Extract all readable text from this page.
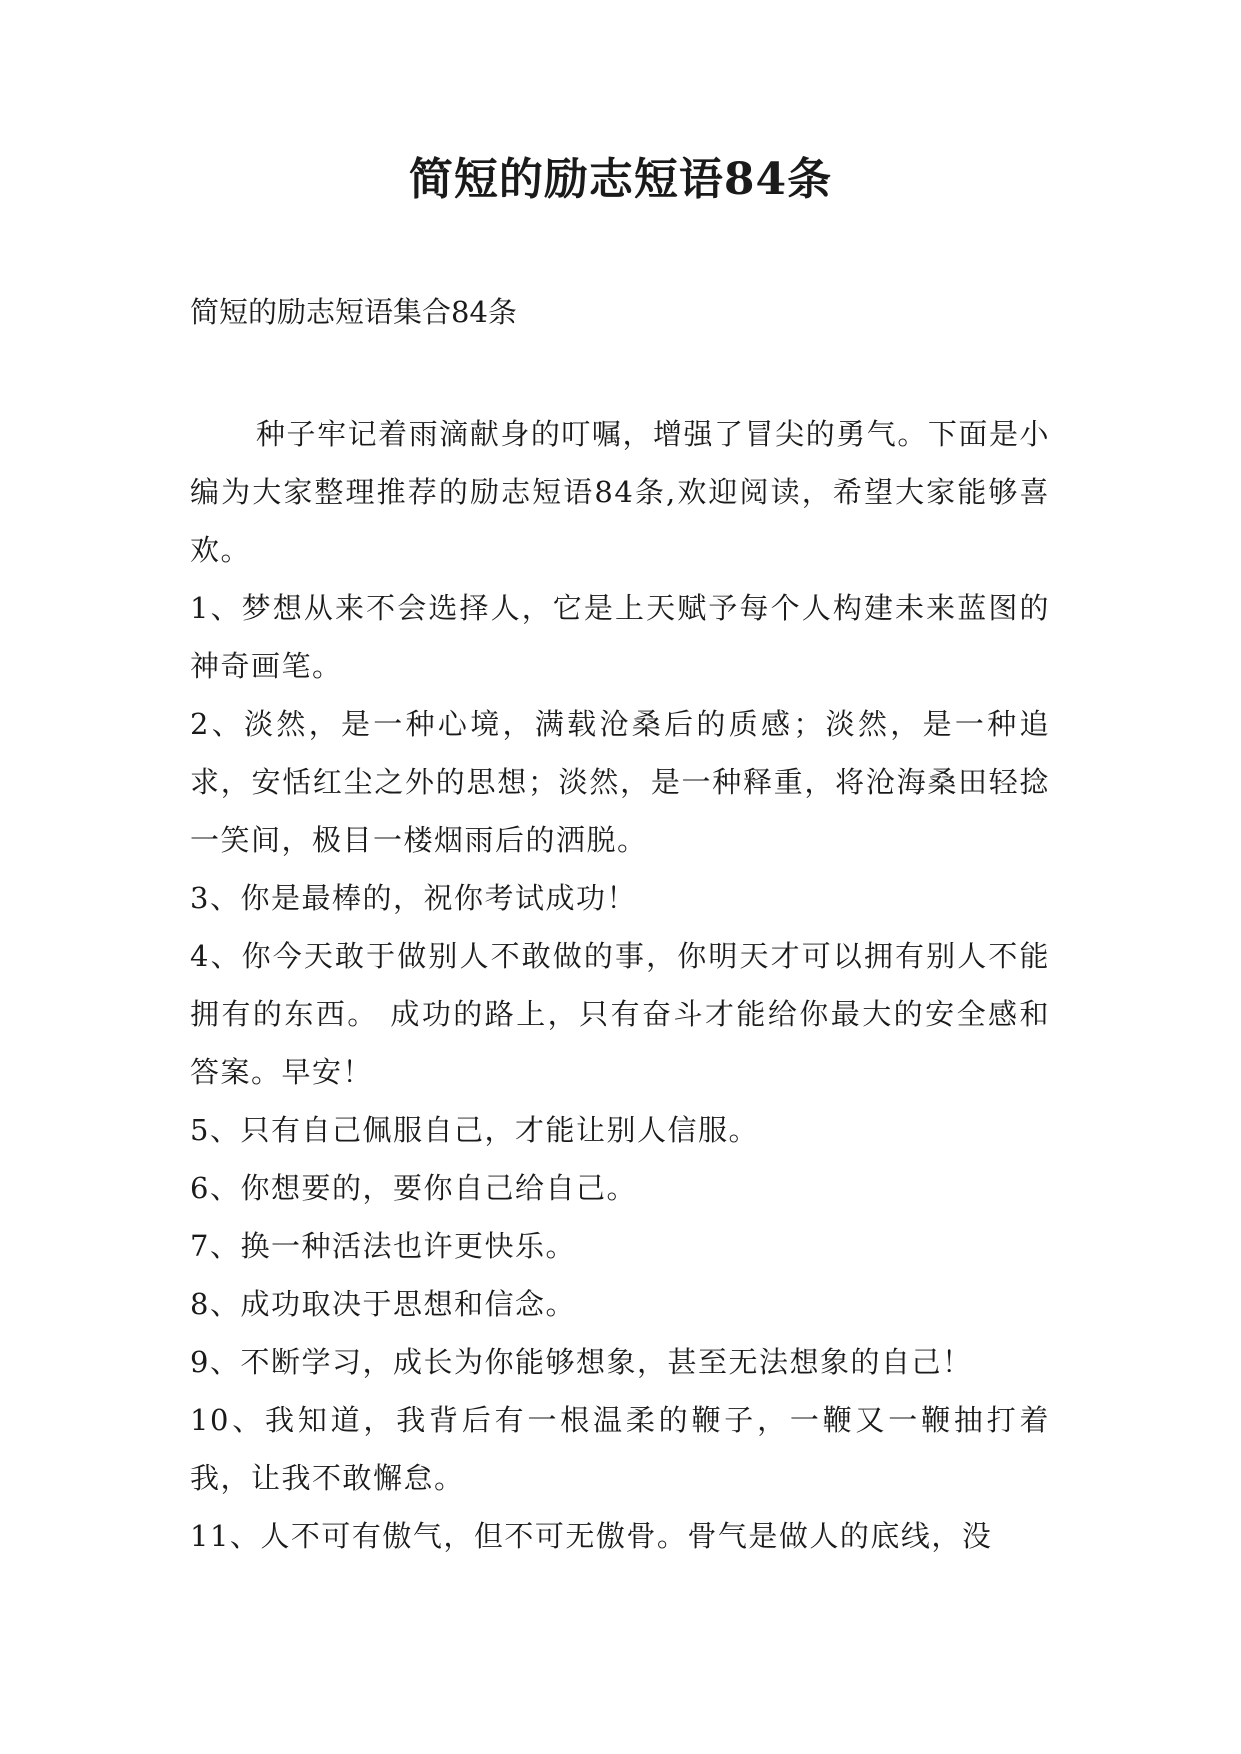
简短的励志短语84条

简短的励志短语集合84条

种子牢记着雨滴献身的叮嘱，增强了冒尖的勇气。下面是小编为大家整理推荐的励志短语84条,欢迎阅读，希望大家能够喜欢。

1、梦想从来不会选择人，它是上天赋予每个人构建未来蓝图的神奇画笔。

2、淡然，是一种心境，满载沧桑后的质感；淡然，是一种追求，安恬红尘之外的思想；淡然，是一种释重，将沧海桑田轻捻一笑间，极目一楼烟雨后的洒脱。

3、你是最棒的，祝你考试成功！

4、你今天敢于做别人不敢做的事，你明天才可以拥有别人不能拥有的东西。 成功的路上，只有奋斗才能给你最大的安全感和答案。早安！

5、只有自己佩服自己，才能让别人信服。

6、你想要的，要你自己给自己。

7、换一种活法也许更快乐。

8、成功取决于思想和信念。

9、不断学习，成长为你能够想象，甚至无法想象的自己！

10、我知道，我背后有一根温柔的鞭子，一鞭又一鞭抽打着我，让我不敢懈怠。

11、人不可有傲气，但不可无傲骨。骨气是做人的底线，没
